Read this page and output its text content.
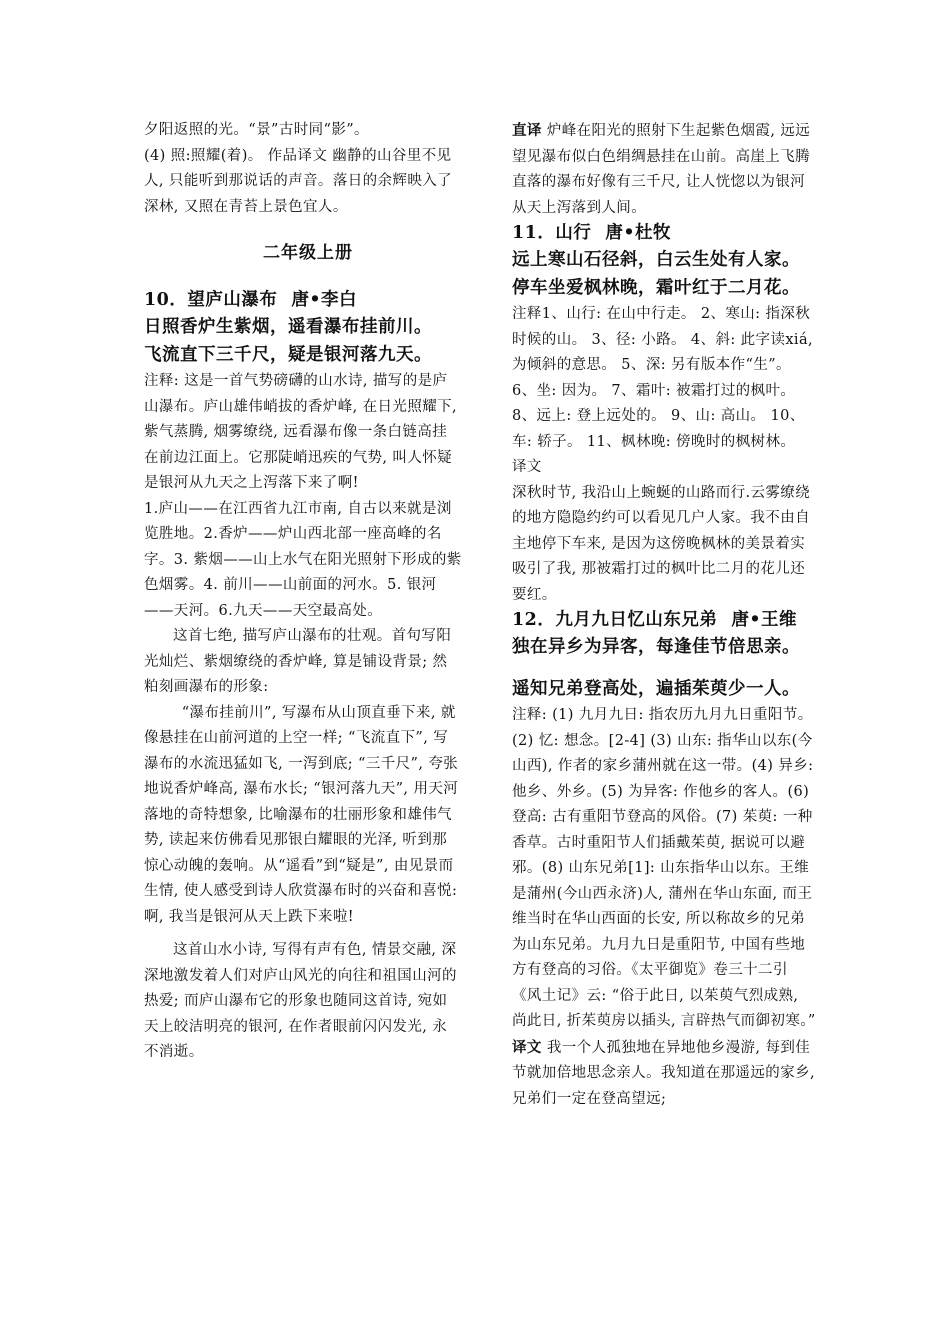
夕阳返照的光。“景”古时同“影”。

(4) 照:照耀(着)。 作品译文 幽静的山谷里不见人, 只能听到那说话的声音。落日的余辉映入了深林, 又照在青苔上景色宜人。

二年级上册
10．望庐山瀑布 唐•李白

日照香炉生紫烟，遥看瀑布挂前川。

飞流直下三千尺，疑是银河落九天。

注释: 这是一首气势磅礴的山水诗, 描写的是庐山瀑布。庐山雄伟峭拔的香炉峰, 在日光照耀下, 紫气蒸腾, 烟雾缭绕, 远看瀑布像一条白链高挂在前边江面上。它那陡峭迅疾的气势, 叫人怀疑是银河从九天之上泻落下来了啊!

1.庐山——在江西省九江市南, 自古以来就是浏览胜地。2.香炉——炉山西北部一座高峰的名字。3. 紫烟——山上水气在阳光照射下形成的紫色烟雾。4. 前川——山前面的河水。5. 银河——天河。6.九天——天空最高处。

这首七绝, 描写庐山瀑布的壮观。首句写阳光灿烂、紫烟缭绕的香炉峰, 算是铺设背景; 然粕刻画瀑布的形象:

“瀑布挂前川”, 写瀑布从山顶直垂下来, 就像悬挂在山前河道的上空一样; “飞流直下”, 写瀑布的水流迅猛如飞, 一泻到底; “三千尺”, 夸张地说香炉峰高, 瀑布水长; “银河落九天”, 用天河落地的奇特想象, 比喻瀑布的壮丽形象和雄伟气势, 读起来仿佛看见那银白耀眼的光泽, 听到那惊心动魄的轰响。从“遥看”到“疑是”, 由见景而生情, 使人感受到诗人欣赏瀑布时的兴奋和喜悦: 啊, 我当是银河从天上跌下来啦!

这首山水小诗, 写得有声有色, 情景交融, 深深地激发着人们对庐山风光的向往和祖国山河的热爱; 而庐山瀑布它的形象也随同这首诗, 宛如天上皎洁明亮的银河, 在作者眼前闪闪发光, 永不消逝。

直译 炉峰在阳光的照射下生起紫色烟霞, 远远望见瀑布似白色绢绸悬挂在山前。高崖上飞腾直落的瀑布好像有三千尺, 让人恍惚以为银河从天上泻落到人间。

11．山行 唐•杜牧

远上寒山石径斜，白云生处有人家。

停车坐爱枫林晚，霜叶红于二月花。

注释1、山行: 在山中行走。 2、寒山: 指深秋时候的山。 3、径: 小路。 4、斜: 此字读xiá, 为倾斜的意思。 5、深: 另有版本作“生”。 6、坐: 因为。 7、霜叶: 被霜打过的枫叶。 8、远上: 登上远处的。 9、山: 高山。 10、车: 轿子。 11、枫林晚: 傍晚时的枫树林。

译文

深秋时节, 我沿山上蜿蜒的山路而行.云雾缭绕的地方隐隐约约可以看见几户人家。我不由自主地停下车来, 是因为这傍晚枫林的美景着实吸引了我, 那被霜打过的枫叶比二月的花儿还要红。

12．九月九日忆山东兄弟 唐•王维

独在异乡为异客，每逢佳节倍思亲。

遥知兄弟登高处，遍插茱萸少一人。

注释: (1) 九月九日: 指农历九月九日重阳节。(2) 忆: 想念。[2-4] (3) 山东: 指华山以东(今山西), 作者的家乡蒲州就在这一带。(4) 异乡: 他乡、外乡。(5) 为异客: 作他乡的客人。(6) 登高: 古有重阳节登高的风俗。(7) 茱萸: 一种香草。古时重阳节人们插戴茱萸, 据说可以避邪。(8) 山东兄弟[1]: 山东指华山以东。王维是蒲州(今山西永济)人, 蒲州在华山东面, 而王维当时在华山西面的长安, 所以称故乡的兄弟为山东兄弟。九月九日是重阳节, 中国有些地方有登高的习俗。《太平御览》卷三十二引《风土记》云: “俗于此日, 以茱萸气烈成熟, 尚此日, 折茱萸房以插头, 言辟热气而御初寒。”

译文 我一个人孤独地在异地他乡漫游, 每到佳节就加倍地思念亲人。我知道在那遥远的家乡, 兄弟们一定在登高望远;
